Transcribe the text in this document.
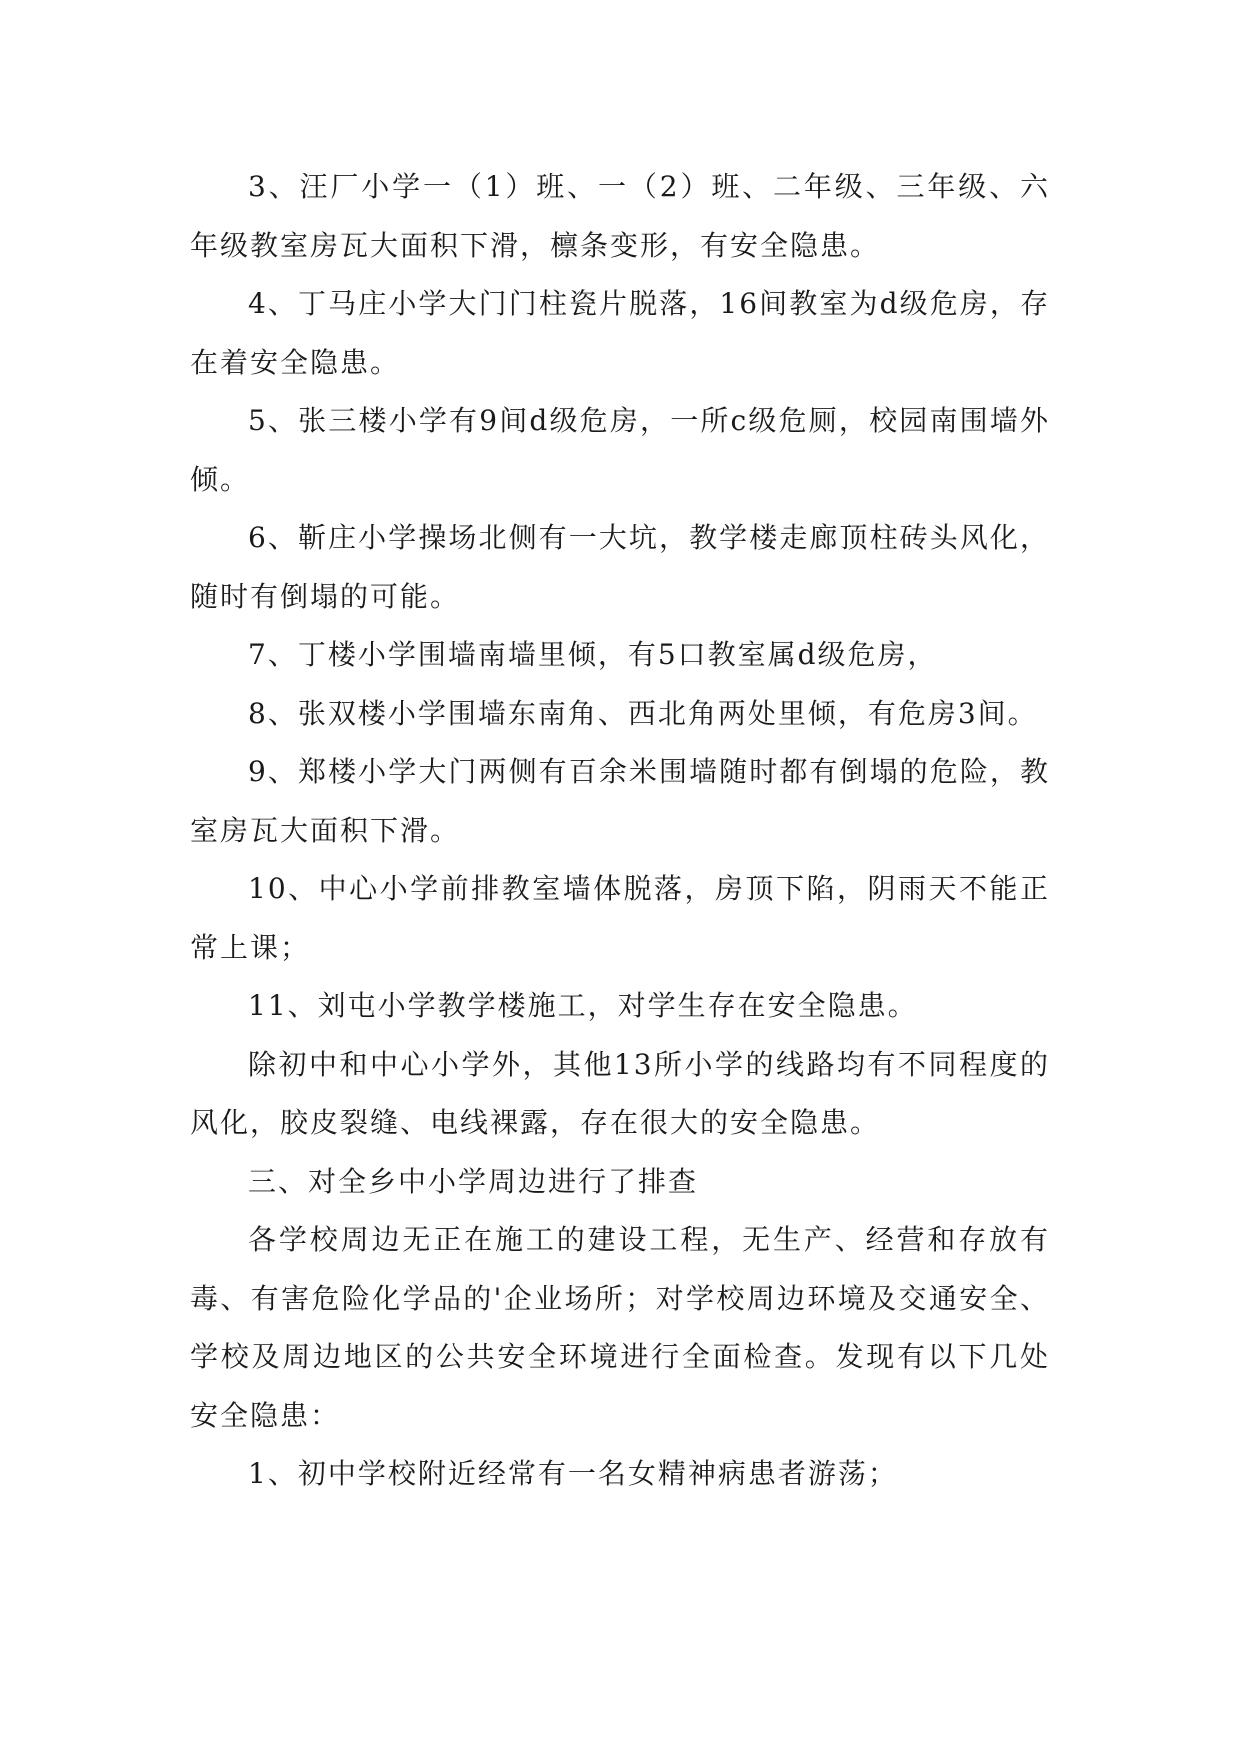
3、汪厂小学一（1）班、一（2）班、二年级、三年级、六年级教室房瓦大面积下滑，檩条变形，有安全隐患。

4、丁马庄小学大门门柱瓷片脱落，16间教室为d级危房，存在着安全隐患。

5、张三楼小学有9间d级危房，一所c级危厕，校园南围墙外倾。

6、靳庄小学操场北侧有一大坑，教学楼走廊顶柱砖头风化，随时有倒塌的可能。

7、丁楼小学围墙南墙里倾，有5口教室属d级危房，

8、张双楼小学围墙东南角、西北角两处里倾，有危房3间。

9、郑楼小学大门两侧有百余米围墙随时都有倒塌的危险，教室房瓦大面积下滑。

10、中心小学前排教室墙体脱落，房顶下陷，阴雨天不能正常上课；

11、刘屯小学教学楼施工，对学生存在安全隐患。

除初中和中心小学外，其他13所小学的线路均有不同程度的风化，胶皮裂缝、电线裸露，存在很大的安全隐患。

三、对全乡中小学周边进行了排查

各学校周边无正在施工的建设工程，无生产、经营和存放有毒、有害危险化学品的'企业场所；对学校周边环境及交通安全、学校及周边地区的公共安全环境进行全面检查。发现有以下几处安全隐患：

1、初中学校附近经常有一名女精神病患者游荡；
